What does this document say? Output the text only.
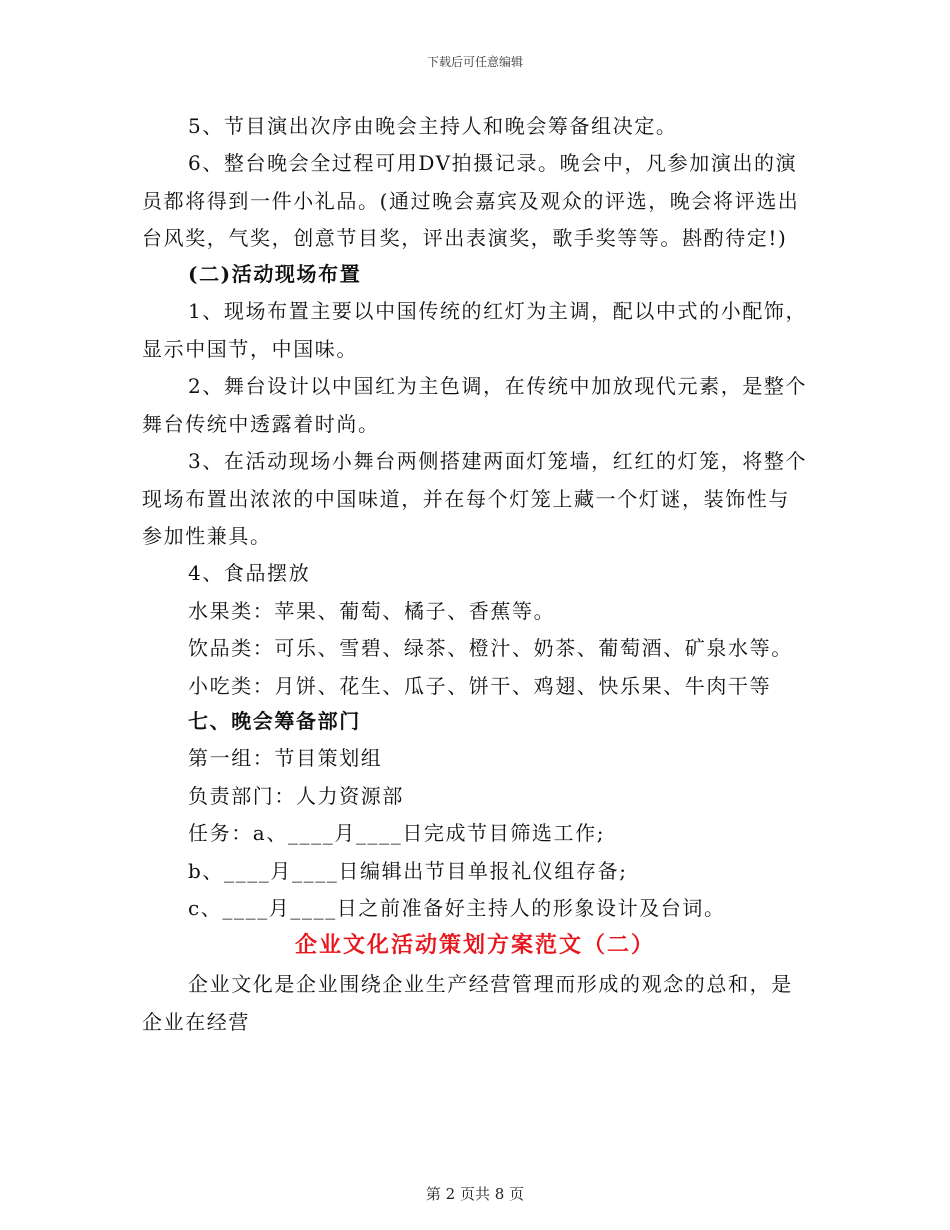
下载后可任意编辑
5、节目演出次序由晚会主持人和晚会筹备组决定。
6、整台晚会全过程可用DV拍摄记录。晚会中，凡参加演出的演
员都将得到一件小礼品。(通过晚会嘉宾及观众的评选，晚会将评选出
台风奖，气奖，创意节目奖，评出表演奖，歌手奖等等。斟酌待定!)
(二)活动现场布置
1、现场布置主要以中国传统的红灯为主调，配以中式的小配饰，
显示中国节，中国味。
2、舞台设计以中国红为主色调，在传统中加放现代元素，是整个
舞台传统中透露着时尚。
3、在活动现场小舞台两侧搭建两面灯笼墙，红红的灯笼，将整个
现场布置出浓浓的中国味道，并在每个灯笼上藏一个灯谜，装饰性与
参加性兼具。
4、食品摆放
水果类：苹果、葡萄、橘子、香蕉等。
饮品类：可乐、雪碧、绿茶、橙汁、奶茶、葡萄酒、矿泉水等。
小吃类：月饼、花生、瓜子、饼干、鸡翅、快乐果、牛肉干等
七、晚会筹备部门
第一组：节目策划组
负责部门：人力资源部
任务：a、____月____日完成节目筛选工作;
b、____月____日编辑出节目单报礼仪组存备;
c、____月____日之前准备好主持人的形象设计及台词。
企业文化活动策划方案范文（二）
企业文化是企业围绕企业生产经营管理而形成的观念的总和，是
企业在经营
第 2 页共 8 页
